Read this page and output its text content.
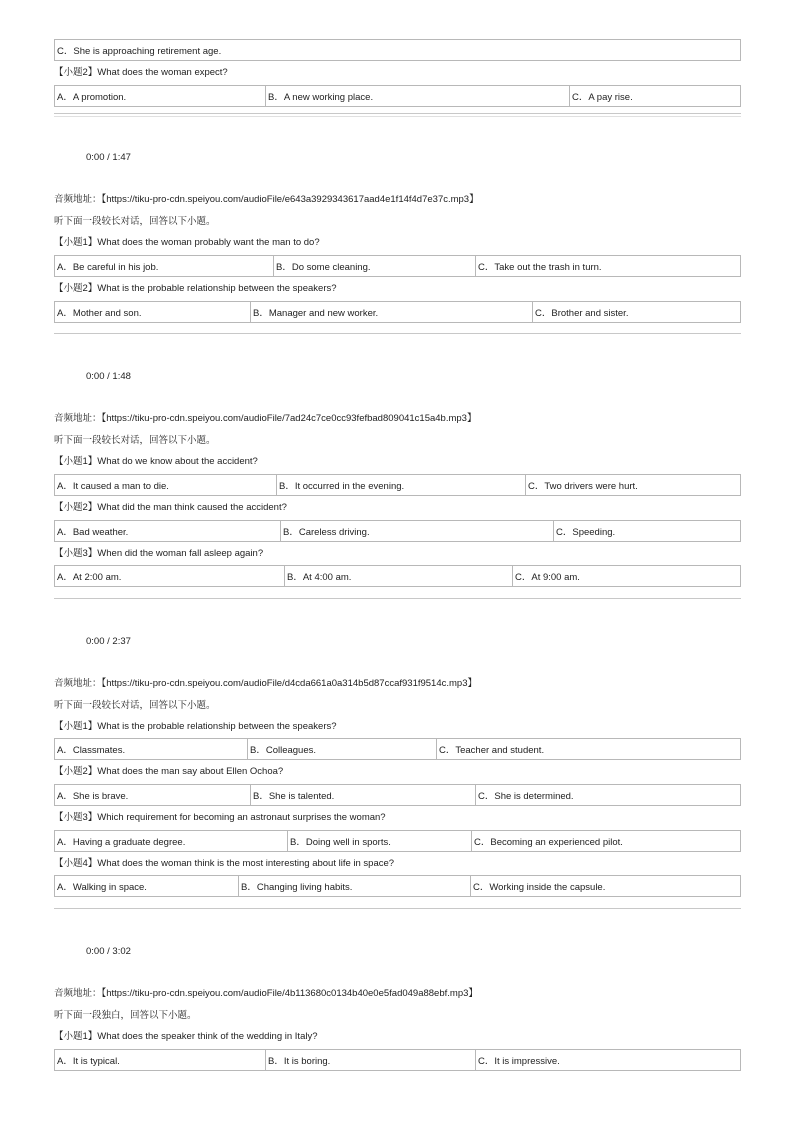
C．She is approaching retirement age.
【小题2】What does the woman expect?
A．A promotion.	B．A new working place.	C．A pay rise.
0:00 / 1:47
音频地址：【https://tiku-pro-cdn.speiyou.com/audioFile/e643a3929343617aad4e1f14f4d7e37c.mp3】
听下面一段较长对话，回答以下小题。
【小题1】What does the woman probably want the man to do?
A．Be careful in his job.	B．Do some cleaning.	C．Take out the trash in turn.
【小题2】What is the probable relationship between the speakers?
A．Mother and son.	B．Manager and new worker.	C．Brother and sister.
0:00 / 1:48
音频地址：【https://tiku-pro-cdn.speiyou.com/audioFile/7ad24c7ce0cc93fefbad809041c15a4b.mp3】
听下面一段较长对话，回答以下小题。
【小题1】What do we know about the accident?
A．It caused a man to die.	B．It occurred in the evening.	C．Two drivers were hurt.
【小题2】What did the man think caused the accident?
A．Bad weather.	B．Careless driving.	C．Speeding.
【小题3】When did the woman fall asleep again?
A．At 2:00 am.	B．At 4:00 am.	C．At 9:00 am.
0:00 / 2:37
音频地址：【https://tiku-pro-cdn.speiyou.com/audioFile/d4cda661a0a314b5d87ccaf931f9514c.mp3】
听下面一段较长对话，回答以下小题。
【小题1】What is the probable relationship between the speakers?
A．Classmates.	B．Colleagues.	C．Teacher and student.
【小题2】What does the man say about Ellen Ochoa?
A．She is brave.	B．She is talented.	C．She is determined.
【小题3】Which requirement for becoming an astronaut surprises the woman?
A．Having a graduate degree.	B．Doing well in sports.	C．Becoming an experienced pilot.
【小题4】What does the woman think is the most interesting about life in space?
A．Walking in space.	B．Changing living habits.	C．Working inside the capsule.
0:00 / 3:02
音频地址：【https://tiku-pro-cdn.speiyou.com/audioFile/4b113680c0134b40e0e5fad049a88ebf.mp3】
听下面一段独白，回答以下小题。
【小题1】What does the speaker think of the wedding in Italy?
A．It is typical.	B．It is boring.	C．It is impressive.
